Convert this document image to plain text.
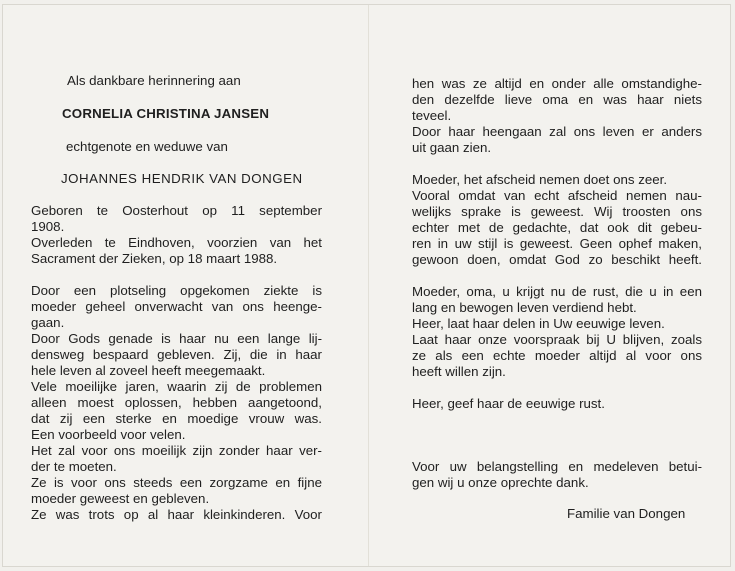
Als dankbare herinnering aan
CORNELIA CHRISTINA JANSEN
echtgenote en weduwe van
JOHANNES HENDRIK VAN DONGEN
Geboren te Oosterhout op 11 september
1908.
Overleden te Eindhoven, voorzien van het
Sacrament der Zieken, op 18 maart 1988.
Door een plotseling opgekomen ziekte is
moeder geheel onverwacht van ons heenge-
gaan.
Door Gods genade is haar nu een lange lij-
densweg bespaard gebleven. Zij, die in haar
hele leven al zoveel heeft meegemaakt.
Vele moeilijke jaren, waarin zij de problemen
alleen moest oplossen, hebben aangetoond,
dat zij een sterke en moedige vrouw was.
Een voorbeeld voor velen.
Het zal voor ons moeilijk zijn zonder haar ver-
der te moeten.
Ze is voor ons steeds een zorgzame en fijne
moeder geweest en gebleven.
Ze was trots op al haar kleinkinderen. Voor
hen was ze altijd en onder alle omstandighe-
den dezelfde lieve oma en was haar niets
teveel.
Door haar heengaan zal ons leven er anders
uit gaan zien.
Moeder, het afscheid nemen doet ons zeer.
Vooral omdat van echt afscheid nemen nau-
welijks sprake is geweest. Wij troosten ons
echter met de gedachte, dat ook dit gebeu-
ren in uw stijl is geweest. Geen ophef maken,
gewoon doen, omdat God zo beschikt heeft.
Moeder, oma, u krijgt nu de rust, die u in een
lang en bewogen leven verdiend hebt.
Heer, laat haar delen in Uw eeuwige leven.
Laat haar onze voorspraak bij U blijven, zoals
ze als een echte moeder altijd al voor ons
heeft willen zijn.
Heer, geef haar de eeuwige rust.
Voor uw belangstelling en medeleven betui-
gen wij u onze oprechte dank.
Familie van Dongen
